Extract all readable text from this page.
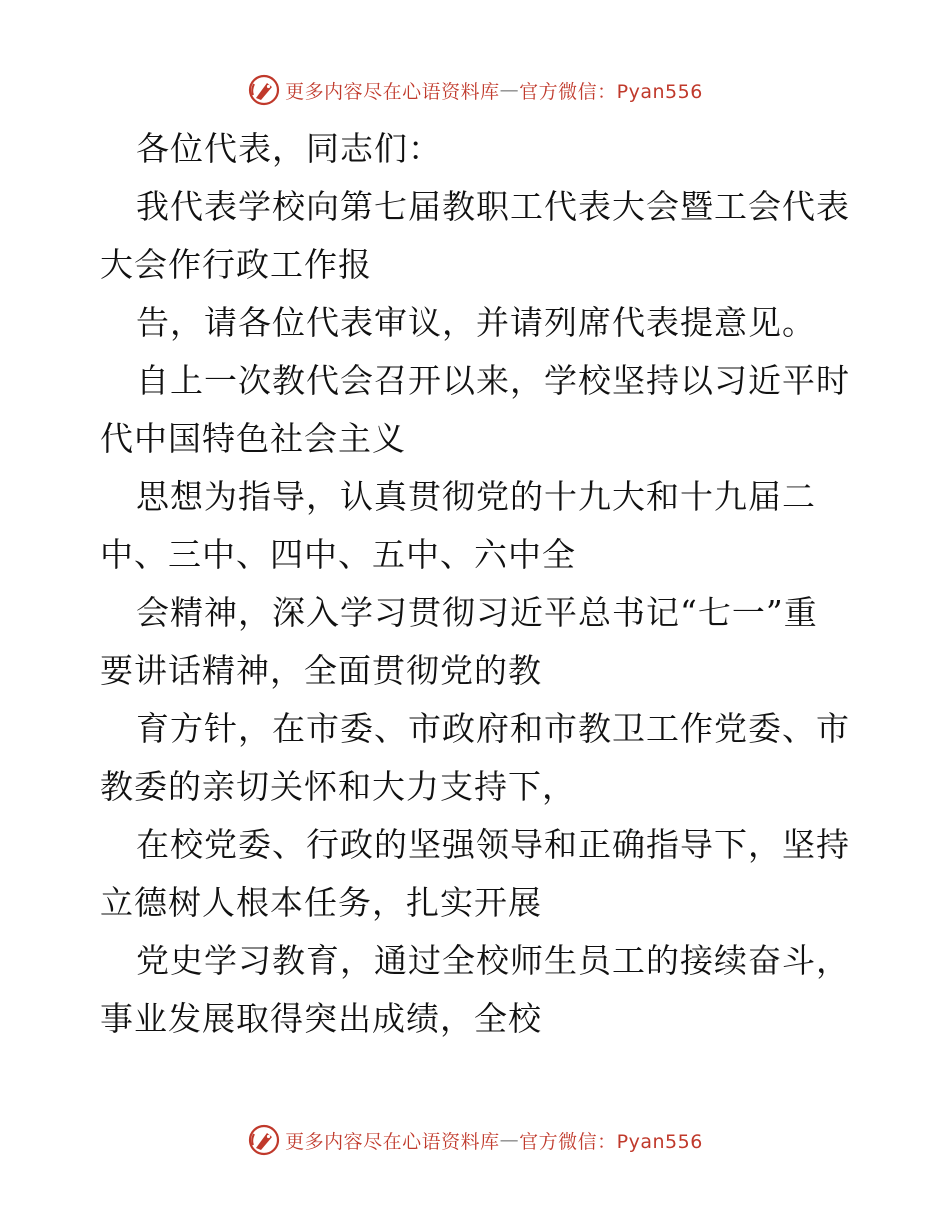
更多内容尽在心语资料库 — 官方微信：Pyan556
各位代表，同志们：
我代表学校向第七届教职工代表大会暨工会代表
大会作行政工作报
告，请各位代表审议，并请列席代表提意见。
自上一次教代会召开以来，学校坚持以习近平时
代中国特色社会主义
思想为指导，认真贯彻党的十九大和十九届二
中、三中、四中、五中、六中全
会精神，深入学习贯彻习近平总书记“七一”重
要讲话精神，全面贯彻党的教
育方针，在市委、市政府和市教卫工作党委、市
教委的亲切关怀和大力支持下，
在校党委、行政的坚强领导和正确指导下，坚持
立德树人根本任务，扎实开展
党史学习教育，通过全校师生员工的接续奋斗，
事业发展取得突出成绩，全校
更多内容尽在心语资料库 — 官方微信：Pyan556
